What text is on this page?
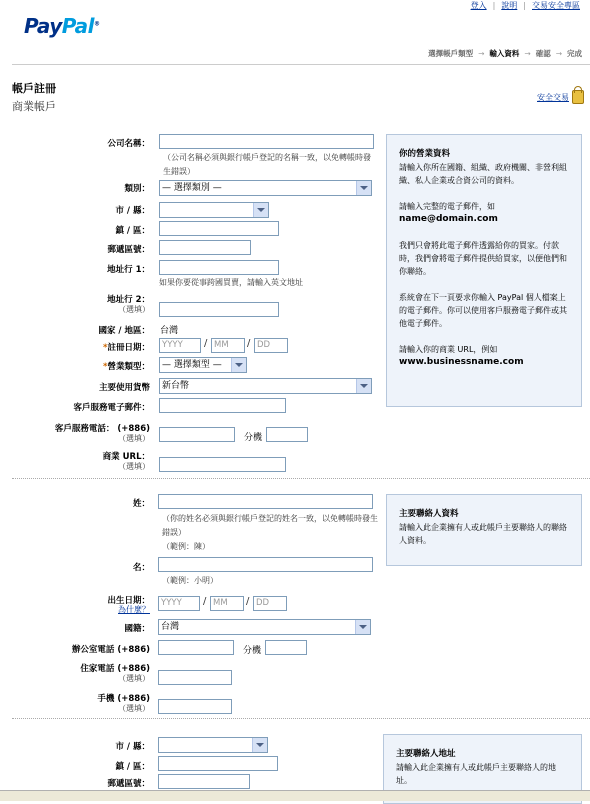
登入 | 說明 | 交易安全專區
PayPal®
選擇帳戶類型 → 輸入資料 → 確認 → 完成
帳戶註冊
商業帳戶
安全交易
公司名稱：
（公司名稱必須與銀行帳戶登記的名稱一致，以免轉帳時發生錯誤）
類別：	— 選擇類別 —
市 / 縣：
鎮 / 區：
郵遞區號：
地址行 1：
如果你要從事跨國買賣，請輸入英文地址
地址行 2：
（選填）
國家 / 地區： 台灣
*註冊日期：	YYYY	/ MM	/ DD
*營業類型：	— 選擇類型 —
主要使用貨幣	新台幣
客戶服務電子郵件：
客戶服務電話： (+886)
（選填）	分機
商業 URL：
（選填）

你的營業資料

請輸入你所在國籍、組織、政府機關、非營利組織、私人企業或合資公司的資料。

請輸入完整的電子郵件，如

name@domain.com

我們只會將此電子郵件透露給你的買家。付款時，我們會將電子郵件提供給買家，以便他們和你聯絡。

系統會在下一頁要求你輸入 PayPal 個人檔案上的電子郵件。你可以使用客戶服務電子郵件或其他電子郵件。

請輸入你的商業 URL，例如

www.businessname.com

姓：
（你的姓名必須與銀行帳戶登記的姓名一致，以免轉帳時發生錯誤）
（範例：陳）
名：
（範例：小明）
出生日期：
為什麼？
YYYY	/ MM	/ DD
國籍：	台灣
辦公室電話 (+886)	分機
住家電話 (+886)
（選填）
手機 (+886)
（選填）

主要聯絡人資料

請輸入此企業擁有人或此帳戶主要聯絡人的聯絡人資料。

市 / 縣：
鎮 / 區：
郵遞區號：

主要聯絡人地址

請輸入此企業擁有人或此帳戶主要聯絡人的地址。
